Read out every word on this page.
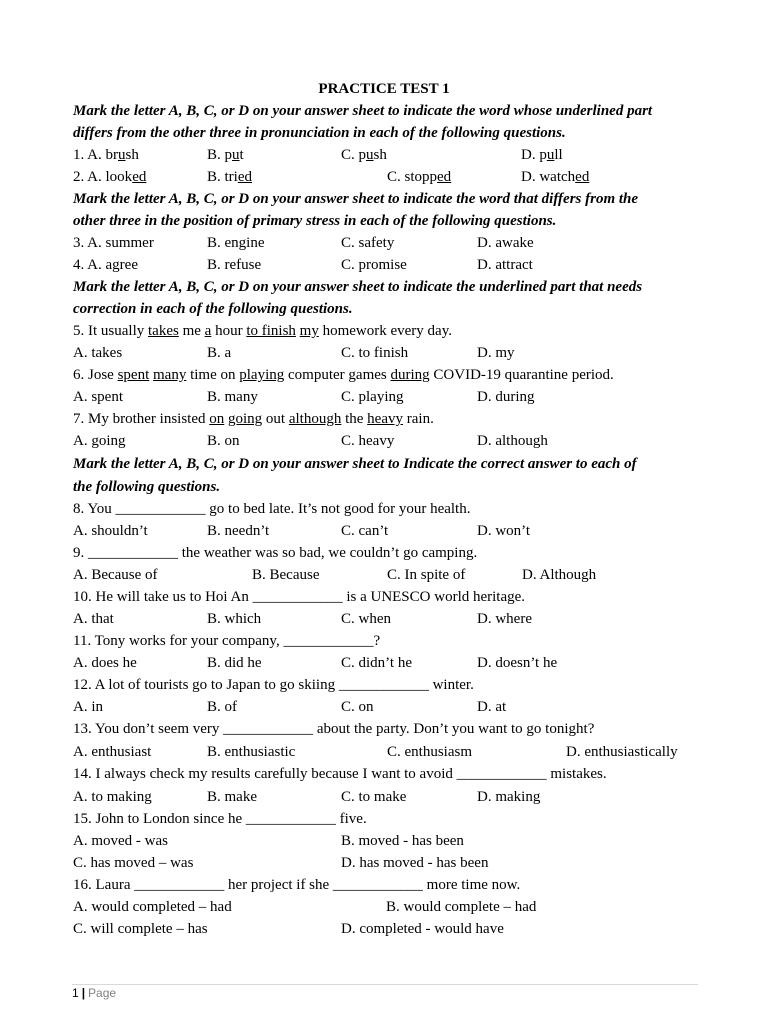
PRACTICE TEST 1
Mark the letter A, B, C, or D on your answer sheet to indicate the word whose underlined part
differs from the other three in pronunciation in each of the following questions.
1. A. brush	B. put	C. push	D. pull
2. A. looked	B. tried	C. stopped	D. watched
Mark the letter A, B, C, or D on your answer sheet to indicate the word that differs from the
other three in the position of primary stress in each of the following questions.
3. A. summer	B. engine	C. safety	D. awake
4. A. agree	B. refuse	C. promise	D. attract
Mark the letter A, B, C, or D on your answer sheet to indicate the underlined part that needs
correction in each of the following questions.
5. It usually takes me a hour to finish my homework every day.
A. takes	B. a	C. to finish	D. my
6. Jose spent many time on playing computer games during COVID-19 quarantine period.
A. spent	B. many	C. playing	D. during
7. My brother insisted on going out although the heavy rain.
A. going	B. on	C. heavy	D. although
Mark the letter A, B, C, or D on your answer sheet to Indicate the correct answer to each of
the following questions.
8. You ____________ go to bed late. It’s not good for your health.
A. shouldn’t	B. needn’t	C. can’t	D. won’t
9. ____________ the weather was so bad, we couldn’t go camping.
A. Because of	B. Because	C. In spite of	D. Although
10. He will take us to Hoi An ____________ is a UNESCO world heritage.
A. that	B. which	C. when	D. where
11. Tony works for your company, ____________?
A. does he	B. did he	C. didn’t he	D. doesn’t he
12. A lot of tourists go to Japan to go skiing ____________ winter.
A. in	B. of	C. on	D. at
13. You don’t seem very ____________ about the party. Don’t you want to go tonight?
A. enthusiast	B. enthusiastic	C. enthusiasm	D. enthusiastically
14. I always check my results carefully because I want to avoid ____________ mistakes.
A. to making	B. make	C. to make	D. making
15. John to London since he ____________ five.
A. moved - was	B. moved - has been
C. has moved – was	D. has moved - has been
16. Laura ____________ her project if she ____________ more time now.
A. would completed – had	B. would complete – had
C. will complete – has	D. completed - would have
1 | Page
